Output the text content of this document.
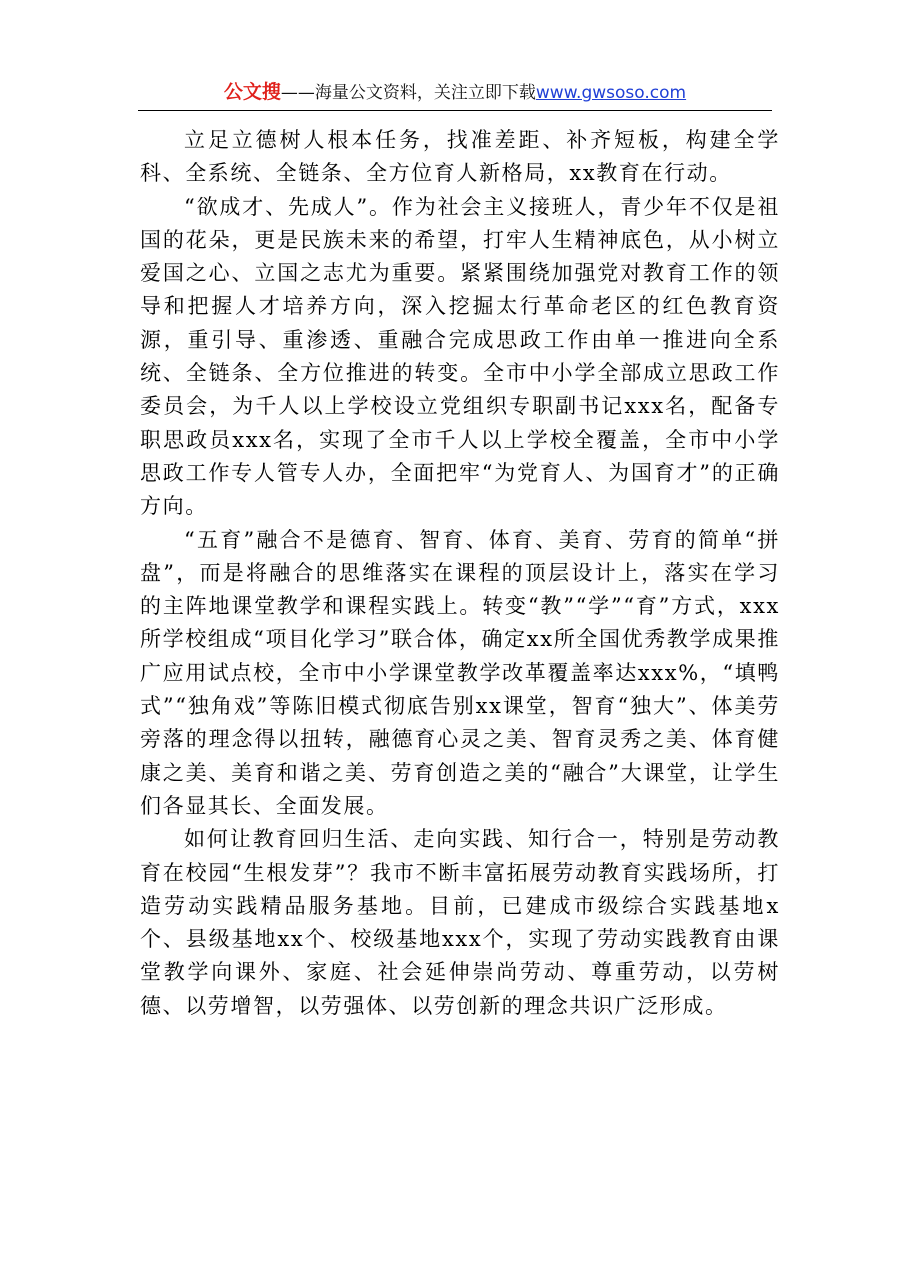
公文搜——海量公文资料，关注立即下载www.gwsoso.com

立足立德树人根本任务，找准差距、补齐短板，构建全学科、全系统、全链条、全方位育人新格局，xx教育在行动。

“欲成才、先成人”。作为社会主义接班人，青少年不仅是祖国的花朵，更是民族未来的希望，打牢人生精神底色，从小树立爱国之心、立国之志尤为重要。紧紧围绕加强党对教育工作的领导和把握人才培养方向，深入挖掘太行革命老区的红色教育资源，重引导、重渗透、重融合完成思政工作由单一推进向全系统、全链条、全方位推进的转变。全市中小学全部成立思政工作委员会，为千人以上学校设立党组织专职副书记xxx名，配备专职思政员xxx名，实现了全市千人以上学校全覆盖，全市中小学思政工作专人管专人办，全面把牢“为党育人、为国育才”的正确方向。

“五育”融合不是德育、智育、体育、美育、劳育的简单“拼盘”，而是将融合的思维落实在课程的顶层设计上，落实在学习的主阵地课堂教学和课程实践上。转变“教”“学”“育”方式，xxx所学校组成“项目化学习”联合体，确定xx所全国优秀教学成果推广应用试点校，全市中小学课堂教学改革覆盖率达xxx%，“填鸭式”“独角戏”等陈旧模式彻底告别xx课堂，智育“独大”、体美劳旁落的理念得以扭转，融德育心灵之美、智育灵秀之美、体育健康之美、美育和谐之美、劳育创造之美的“融合”大课堂，让学生们各显其长、全面发展。

如何让教育回归生活、走向实践、知行合一，特别是劳动教育在校园“生根发芽”？我市不断丰富拓展劳动教育实践场所，打造劳动实践精品服务基地。目前，已建成市级综合实践基地x个、县级基地xx个、校级基地xxx个，实现了劳动实践教育由课堂教学向课外、家庭、社会延伸崇尚劳动、尊重劳动，以劳树德、以劳增智，以劳强体、以劳创新的理念共识广泛形成。
